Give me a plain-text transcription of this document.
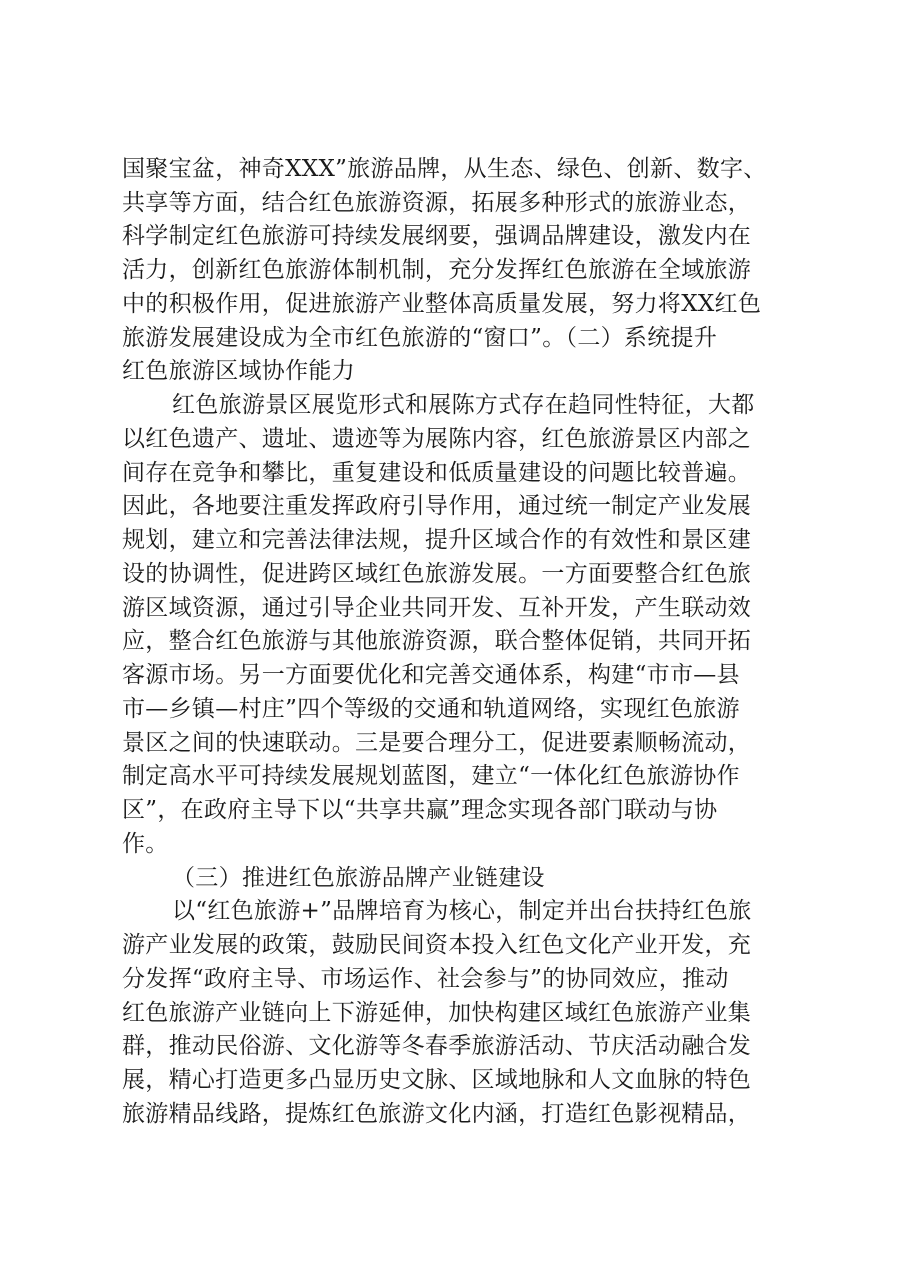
国聚宝盆，神奇XXX”旅游品牌，从生态、绿色、创新、数字、
共享等方面，结合红色旅游资源，拓展多种形式的旅游业态，
科学制定红色旅游可持续发展纲要，强调品牌建设，激发内在
活力，创新红色旅游体制机制，充分发挥红色旅游在全域旅游
中的积极作用，促进旅游产业整体高质量发展，努力将XX红色
旅游发展建设成为全市红色旅游的“窗口”。（二）系统提升
红色旅游区域协作能力
红色旅游景区展览形式和展陈方式存在趋同性特征，大都
以红色遗产、遗址、遗迹等为展陈内容，红色旅游景区内部之
间存在竞争和攀比，重复建设和低质量建设的问题比较普遍。
因此，各地要注重发挥政府引导作用，通过统一制定产业发展
规划，建立和完善法律法规，提升区域合作的有效性和景区建
设的协调性，促进跨区域红色旅游发展。一方面要整合红色旅
游区域资源，通过引导企业共同开发、互补开发，产生联动效
应，整合红色旅游与其他旅游资源，联合整体促销，共同开拓
客源市场。另一方面要优化和完善交通体系，构建“市市—县
市—乡镇—村庄”四个等级的交通和轨道网络，实现红色旅游
景区之间的快速联动。三是要合理分工，促进要素顺畅流动，
制定高水平可持续发展规划蓝图，建立“一体化红色旅游协作
区”，在政府主导下以“共享共赢”理念实现各部门联动与协
作。
（三）推进红色旅游品牌产业链建设
以“红色旅游+”品牌培育为核心，制定并出台扶持红色旅
游产业发展的政策，鼓励民间资本投入红色文化产业开发，充
分发挥“政府主导、市场运作、社会参与”的协同效应，推动
红色旅游产业链向上下游延伸，加快构建区域红色旅游产业集
群，推动民俗游、文化游等冬春季旅游活动、节庆活动融合发
展，精心打造更多凸显历史文脉、区域地脉和人文血脉的特色
旅游精品线路，提炼红色旅游文化内涵，打造红色影视精品，
